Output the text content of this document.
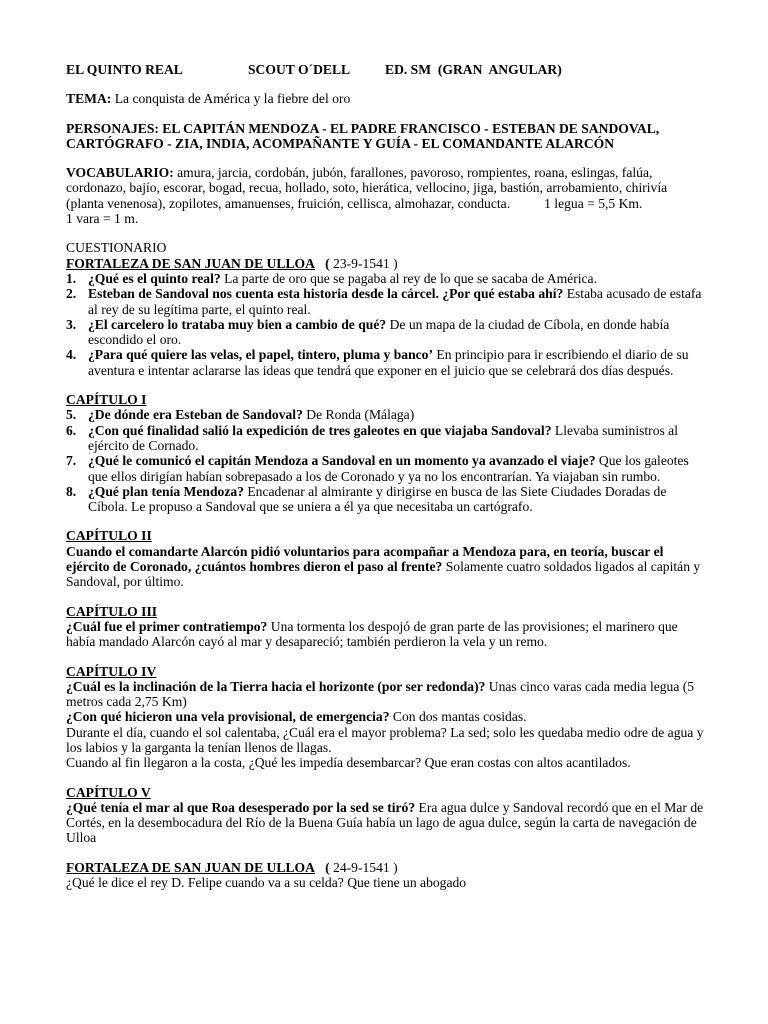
EL QUINTO REAL	SCOUT O´DELL	ED. SM  (GRAN  ANGULAR)

TEMA: La conquista de América y la fiebre del oro

PERSONAJES: EL CAPITÁN MENDOZA - EL PADRE FRANCISCO - ESTEBAN DE SANDOVAL, CARTÓGRAFO - ZIA, INDIA, ACOMPAÑANTE Y GUÍA - EL COMANDANTE ALARCÓN

VOCABULARIO: amura, jarcia, cordobán, jubón, farallones, pavoroso, rompientes, roana, eslingas, falúa, cordonazo, bajío, escorar, bogad, recua, hollado, soto, hierática, vellocino, jiga, bastión, arrobamiento, chirivía (planta venenosa), zopilotes, amanuenses, fruición, cellisca, almohazar, conducta.	1 legua = 5,5 Km.
1 vara = 1 m.

CUESTIONARIO

FORTALEZA DE SAN JUAN DE ULLOA ( 23-9-1541 )

1. ¿Qué es el quinto real? La parte de oro que se pagaba al rey de lo que se sacaba de América.
2. Esteban de Sandoval nos cuenta esta historia desde la cárcel. ¿Por qué estaba ahí? Estaba acusado de estafa al rey de su legítima parte, el quinto real.
3. ¿El carcelero lo trataba muy bien a cambio de qué? De un mapa de la ciudad de Cíbola, en donde había escondido el oro.
4. ¿Para qué quiere las velas, el papel, tintero, pluma y banco’ En principio para ir escribiendo el diario de su aventura e intentar aclararse las ideas que tendrá que exponer en el juicio que se celebrará dos días después.

CAPÍTULO I

5. ¿De dónde era Esteban de Sandoval? De Ronda (Málaga)
6. ¿Con qué finalidad salió la expedición de tres galeotes en que viajaba Sandoval? Llevaba suministros al ejército de Cornado.
7. ¿Qué le comunicó el capitán Mendoza a Sandoval en un momento ya avanzado el viaje? Que los galeotes que ellos dirigían habían sobrepasado a los de Coronado y ya no los encontrarían. Ya viajaban sin rumbo.
8. ¿Qué plan tenía Mendoza? Encadenar al almirante y dirigirse en busca de las Siete Ciudades Doradas de Cíbola. Le propuso a Sandoval que se uniera a él ya que necesitaba un cartógrafo.

CAPÍTULO II

Cuando el comandarte Alarcón pidió voluntarios para acompañar a Mendoza para, en teoría, buscar el ejército de Coronado, ¿cuántos hombres dieron el paso al frente? Solamente cuatro soldados ligados al capitán y Sandoval, por último.

CAPÍTULO III

¿Cuál fue el primer contratiempo? Una tormenta los despojó de gran parte de las provisiones; el marinero que había mandado Alarcón cayó al mar y desapareció; también perdieron la vela y un remo.

CAPÍTULO IV

¿Cuál es la inclinación de la Tierra hacia el horizonte (por ser redonda)? Unas cinco varas cada media legua (5 metros cada 2,75 Km)

¿Con qué hicieron una vela provisional, de emergencia? Con dos mantas cosidas.

Durante el día, cuando el sol calentaba, ¿Cuál era el mayor problema? La sed; solo les quedaba medio odre de agua y los labios y la garganta la tenían llenos de llagas.

Cuando al fin llegaron a la costa, ¿Qué les impedía desembarcar? Que eran costas con altos acantilados.

CAPÍTULO V

¿Qué tenía el mar al que Roa desesperado por la sed se tiró? Era agua dulce y Sandoval recordó que en el Mar de Cortés, en la desembocadura del Río de la Buena Guía había un lago de agua dulce, según la carta de navegación de Ulloa

FORTALEZA DE SAN JUAN DE ULLOA ( 24-9-1541 )

¿Qué le dice el rey D. Felipe cuando va a su celda? Que tiene un abogado
